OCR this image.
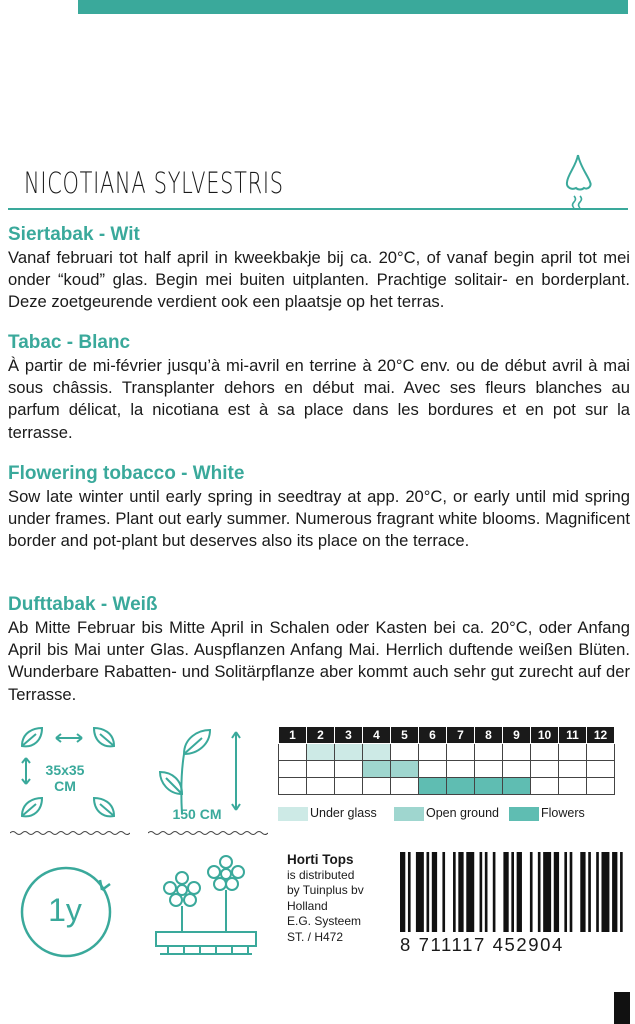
NICOTIANA SYLVESTRIS
Siertabak - Wit

Vanaf februari tot half april in kweekbakje bij ca. 20°C, of vanaf begin april tot mei onder “koud” glas. Begin mei buiten uitplanten. Prachtige solitair- en borderplant. Deze zoetgeurende verdient ook een plaatsje op het terras.

Tabac - Blanc

À partir de mi-février jusqu’à mi-avril en terrine à 20°C env. ou de début avril à mai sous châssis. Transplanter dehors en début mai. Avec ses fleurs blanches au parfum délicat, la nicotiana est à sa place dans les bordures et en pot sur la terrasse.

Flowering tobacco - White

Sow late winter until early spring in seedtray at app. 20°C, or early until mid spring under frames. Plant out early summer. Numerous fragrant white blooms. Magnificent border and pot-plant but deserves also its place on the terrace.

Dufttabak - Weiß

Ab Mitte Februar bis Mitte April in Schalen oder Kasten bei ca. 20°C, oder Anfang April bis Mai unter Glas. Auspflanzen Anfang Mai. Herrlich duftende weißen Blüten. Wunderbare Rabatten- und Solitärpflanze aber kommt auch sehr gut zurecht auf der Terrasse.

35x35
CM
150 CM
1	2	3	4	5	6	7	8	9	10	11	12

Under glass	Open ground	Flowers
1y
Horti Tops
is distributed
by Tuinplus bv
Holland
E.G. Systeem
ST. / H472	8 711117 452904
